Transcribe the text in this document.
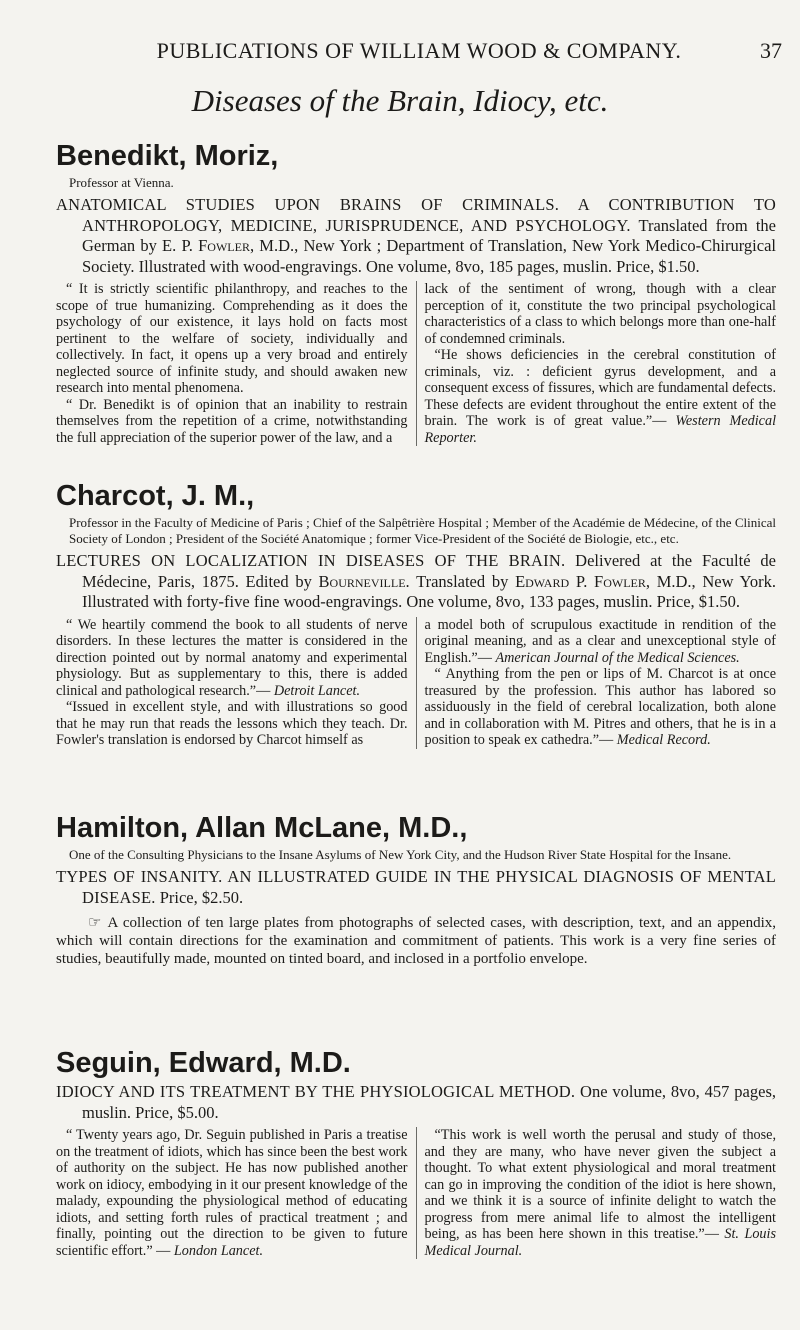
PUBLICATIONS OF WILLIAM WOOD & COMPANY.	37
Diseases of the Brain, Idiocy, etc.
Benedikt, Moriz,
Professor at Vienna.

ANATOMICAL STUDIES UPON BRAINS OF CRIMINALS. A CONTRIBUTION TO ANTHROPOLOGY, MEDICINE, JURISPRUDENCE, AND PSYCHOLOGY. Translated from the German by E. P. Fowler, M.D., New York ; Department of Translation, New York Medico-Chirurgical Society. Illustrated with wood-engravings. One volume, 8vo, 185 pages, muslin. Price, $1.50.

“ It is strictly scientific philanthropy, and reaches to the scope of true humanizing. Comprehending as it does the psychology of our existence, it lays hold on facts most pertinent to the welfare of society, individually and collectively. In fact, it opens up a very broad and entirely neglected source of infinite study, and should awaken new research into mental phenomena.

“ Dr. Benedikt is of opinion that an inability to restrain themselves from the repetition of a crime, notwithstanding the full appreciation of the superior power of the law, and a

lack of the sentiment of wrong, though with a clear perception of it, constitute the two principal psychological characteristics of a class to which belongs more than one-half of condemned criminals.

“He shows deficiencies in the cerebral constitution of criminals, viz. : deficient gyrus development, and a consequent excess of fissures, which are fundamental defects. These defects are evident throughout the entire extent of the brain. The work is of great value.”— Western Medical Reporter.

Charcot, J. M.,
Professor in the Faculty of Medicine of Paris ; Chief of the Salpêtrière Hospital ; Member of the Académie de Médecine, of the Clinical Society of London ; President of the Société Anatomique ; former Vice-President of the Société de Biologie, etc., etc.

LECTURES ON LOCALIZATION IN DISEASES OF THE BRAIN. Delivered at the Faculté de Médecine, Paris, 1875. Edited by Bourneville. Translated by Edward P. Fowler, M.D., New York. Illustrated with forty-five fine wood-engravings. One volume, 8vo, 133 pages, muslin. Price, $1.50.

“ We heartily commend the book to all students of nerve disorders. In these lectures the matter is considered in the direction pointed out by normal anatomy and experimental physiology. But as supplementary to this, there is added clinical and pathological research.”— Detroit Lancet.

“Issued in excellent style, and with illustrations so good that he may run that reads the lessons which they teach. Dr. Fowler's translation is endorsed by Charcot himself as

a model both of scrupulous exactitude in rendition of the original meaning, and as a clear and unexceptional style of English.”— American Journal of the Medical Sciences.

“ Anything from the pen or lips of M. Charcot is at once treasured by the profession. This author has labored so assiduously in the field of cerebral localization, both alone and in collaboration with M. Pitres and others, that he is in a position to speak ex cathedra.”— Medical Record.

Hamilton, Allan McLane, M.D.,
One of the Consulting Physicians to the Insane Asylums of New York City, and the Hudson River State Hospital for the Insane.

TYPES OF INSANITY. AN ILLUSTRATED GUIDE IN THE PHYSICAL DIAGNOSIS OF MENTAL DISEASE. Price, $2.50.

☞ A collection of ten large plates from photographs of selected cases, with description, text, and an appendix, which will contain directions for the examination and commitment of patients. This work is a very fine series of studies, beautifully made, mounted on tinted board, and inclosed in a portfolio envelope.

Seguin, Edward, M.D.

IDIOCY AND ITS TREATMENT BY THE PHYSIOLOGICAL METHOD. One volume, 8vo, 457 pages, muslin. Price, $5.00.

“ Twenty years ago, Dr. Seguin published in Paris a treatise on the treatment of idiots, which has since been the best work of authority on the subject. He has now published another work on idiocy, embodying in it our present knowledge of the malady, expounding the physiological method of educating idiots, and setting forth rules of practical treatment ; and finally, pointing out the direction to be given to future scientific effort.” — London Lancet.

“This work is well worth the perusal and study of those, and they are many, who have never given the subject a thought. To what extent physiological and moral treatment can go in improving the condition of the idiot is here shown, and we think it is a source of infinite delight to watch the progress from mere animal life to almost the intelligent being, as has been here shown in this treatise.”— St. Louis Medical Journal.
